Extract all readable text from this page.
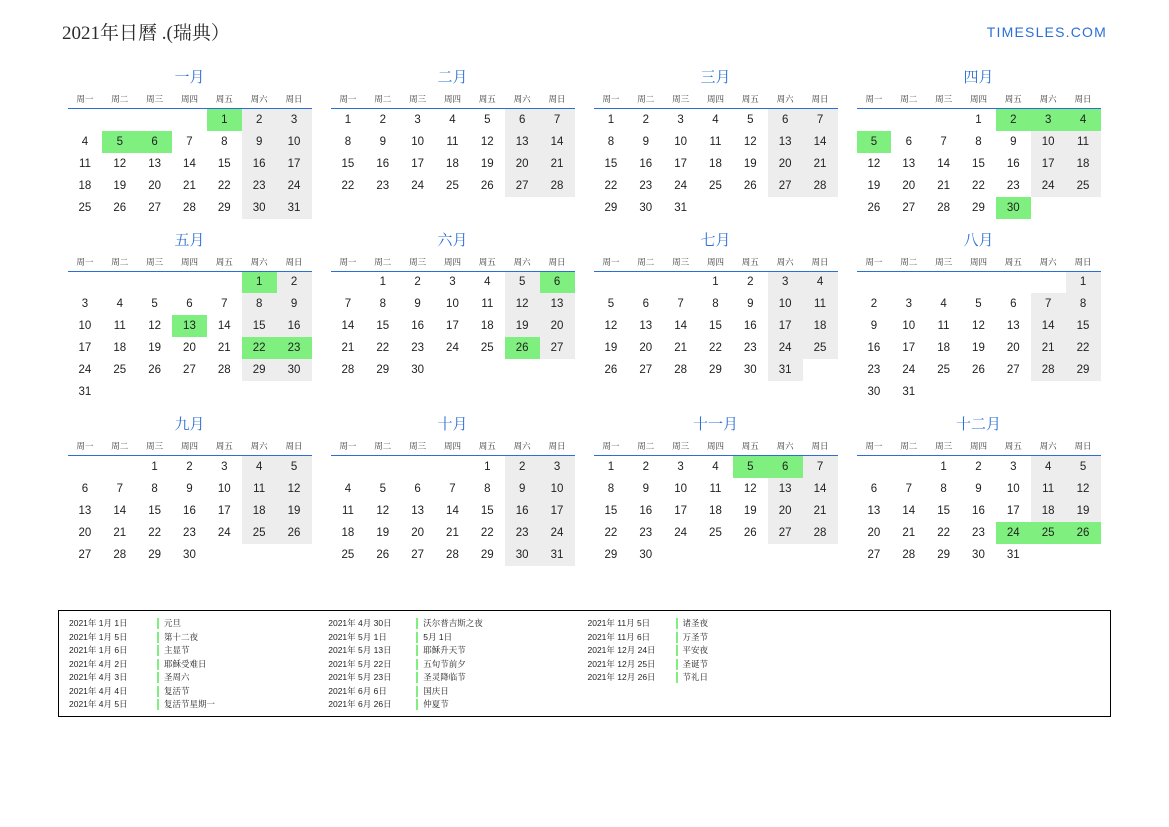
2021年日曆 .(瑞典）	TIMESLES.COM
一月
周一	周二	周三	周四	周五	周六	周日
				1	2	3
4	5	6	7	8	9	10
11	12	13	14	15	16	17
18	19	20	21	22	23	24
25	26	27	28	29	30	31
二月
周一	周二	周三	周四	周五	周六	周日
1	2	3	4	5	6	7
8	9	10	11	12	13	14
15	16	17	18	19	20	21
22	23	24	25	26	27	28
三月
周一	周二	周三	周四	周五	周六	周日
1	2	3	4	5	6	7
8	9	10	11	12	13	14
15	16	17	18	19	20	21
22	23	24	25	26	27	28
29	30	31				
四月
周一	周二	周三	周四	周五	周六	周日
			1	2	3	4
5	6	7	8	9	10	11
12	13	14	15	16	17	18
19	20	21	22	23	24	25
26	27	28	29	30		
五月
周一	周二	周三	周四	周五	周六	周日
					1	2
3	4	5	6	7	8	9
10	11	12	13	14	15	16
17	18	19	20	21	22	23
24	25	26	27	28	29	30
31						
六月
周一	周二	周三	周四	周五	周六	周日
	1	2	3	4	5	6
7	8	9	10	11	12	13
14	15	16	17	18	19	20
21	22	23	24	25	26	27
28	29	30				
七月
周一	周二	周三	周四	周五	周六	周日
			1	2	3	4
5	6	7	8	9	10	11
12	13	14	15	16	17	18
19	20	21	22	23	24	25
26	27	28	29	30	31	
八月
周一	周二	周三	周四	周五	周六	周日
						1
2	3	4	5	6	7	8
9	10	11	12	13	14	15
16	17	18	19	20	21	22
23	24	25	26	27	28	29
30	31					
九月
周一	周二	周三	周四	周五	周六	周日
		1	2	3	4	5
6	7	8	9	10	11	12
13	14	15	16	17	18	19
20	21	22	23	24	25	26
27	28	29	30			
十月
周一	周二	周三	周四	周五	周六	周日
				1	2	3
4	5	6	7	8	9	10
11	12	13	14	15	16	17
18	19	20	21	22	23	24
25	26	27	28	29	30	31
十一月
周一	周二	周三	周四	周五	周六	周日
1	2	3	4	5	6	7
8	9	10	11	12	13	14
15	16	17	18	19	20	21
22	23	24	25	26	27	28
29	30					
十二月
周一	周二	周三	周四	周五	周六	周日
		1	2	3	4	5
6	7	8	9	10	11	12
13	14	15	16	17	18	19
20	21	22	23	24	25	26
27	28	29	30	31		
2021年 1月 1日	元旦
2021年 1月 5日	第十二夜
2021年 1月 6日	主显节
2021年 4月 2日	耶稣受难日
2021年 4月 3日	圣周六
2021年 4月 4日	复活节
2021年 4月 5日	复活节星期一
2021年 4月 30日	沃尔普吉斯之夜
2021年 5月 1日	5月 1日
2021年 5月 13日	耶稣升天节
2021年 5月 22日	五旬节前夕
2021年 5月 23日	圣灵降临节
2021年 6月 6日	国庆日
2021年 6月 26日	仲夏节
2021年 11月 5日	诸圣夜
2021年 11月 6日	万圣节
2021年 12月 24日	平安夜
2021年 12月 25日	圣诞节
2021年 12月 26日	节礼日
